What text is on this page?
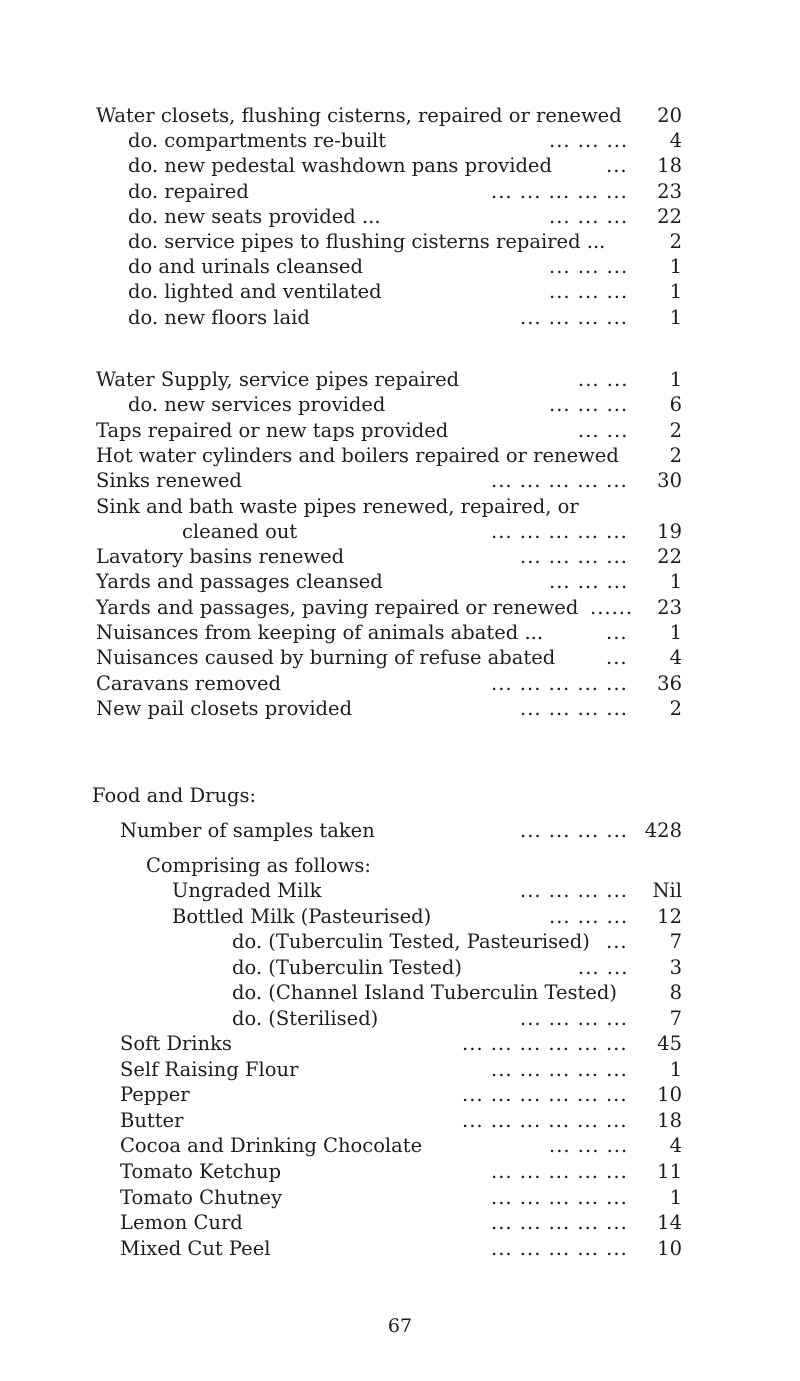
Water closets, flushing cisterns, repaired or renewed 20
do. compartments re-built	... ... ... 4
do. new pedestal washdown pans provided	... 18
do. repaired	... ... ... ... ... 23
do. new seats provided ...	... ... ... 22
do. service pipes to flushing cisterns repaired ...	2
do and urinals cleansed	... ... ... 1
do. lighted and ventilated	... ... ... 1
do. new floors laid	... ... ... ... 1
Water Supply, service pipes repaired	... ... 1
do. new services provided	... ... ... 6
Taps repaired or new taps provided	... ... 2
Hot water cylinders and boilers repaired or renewed	2
Sinks renewed	... ... ... ... ... 30
Sink and bath waste pipes renewed, repaired, or
cleaned out	... ... ... ... ... 19
Lavatory basins renewed	... ... ... ... 22
Yards and passages cleansed	... ... ... 1
Yards and passages, paving repaired or renewed ...... 23
Nuisances from keeping of animals abated ...	... 1
Nuisances caused by burning of refuse abated	... 4
Caravans removed	... ... ... ... ... 36
New pail closets provided	... ... ... ... 2
Food and Drugs:
Number of samples taken	... ... ... ... 428
Comprising as follows:
Ungraded Milk	... ... ... ... Nil
Bottled Milk (Pasteurised)	... ... ... 12
do. (Tuberculin Tested, Pasteurised) ... 7
do. (Tuberculin Tested)	... ... 3
do. (Channel Island Tuberculin Tested)	8
do. (Sterilised)	... ... ... ... 7
Soft Drinks	... ... ... ... ... ... 45
Self Raising Flour	... ... ... ... ... 1
Pepper	... ... ... ... ... ... 10
Butter	... ... ... ... ... ... 18
Cocoa and Drinking Chocolate	... ... ... 4
Tomato Ketchup	... ... ... ... ... 11
Tomato Chutney	... ... ... ... ... 1
Lemon Curd	... ... ... ... ... 14
Mixed Cut Peel	... ... ... ... ... 10
67
